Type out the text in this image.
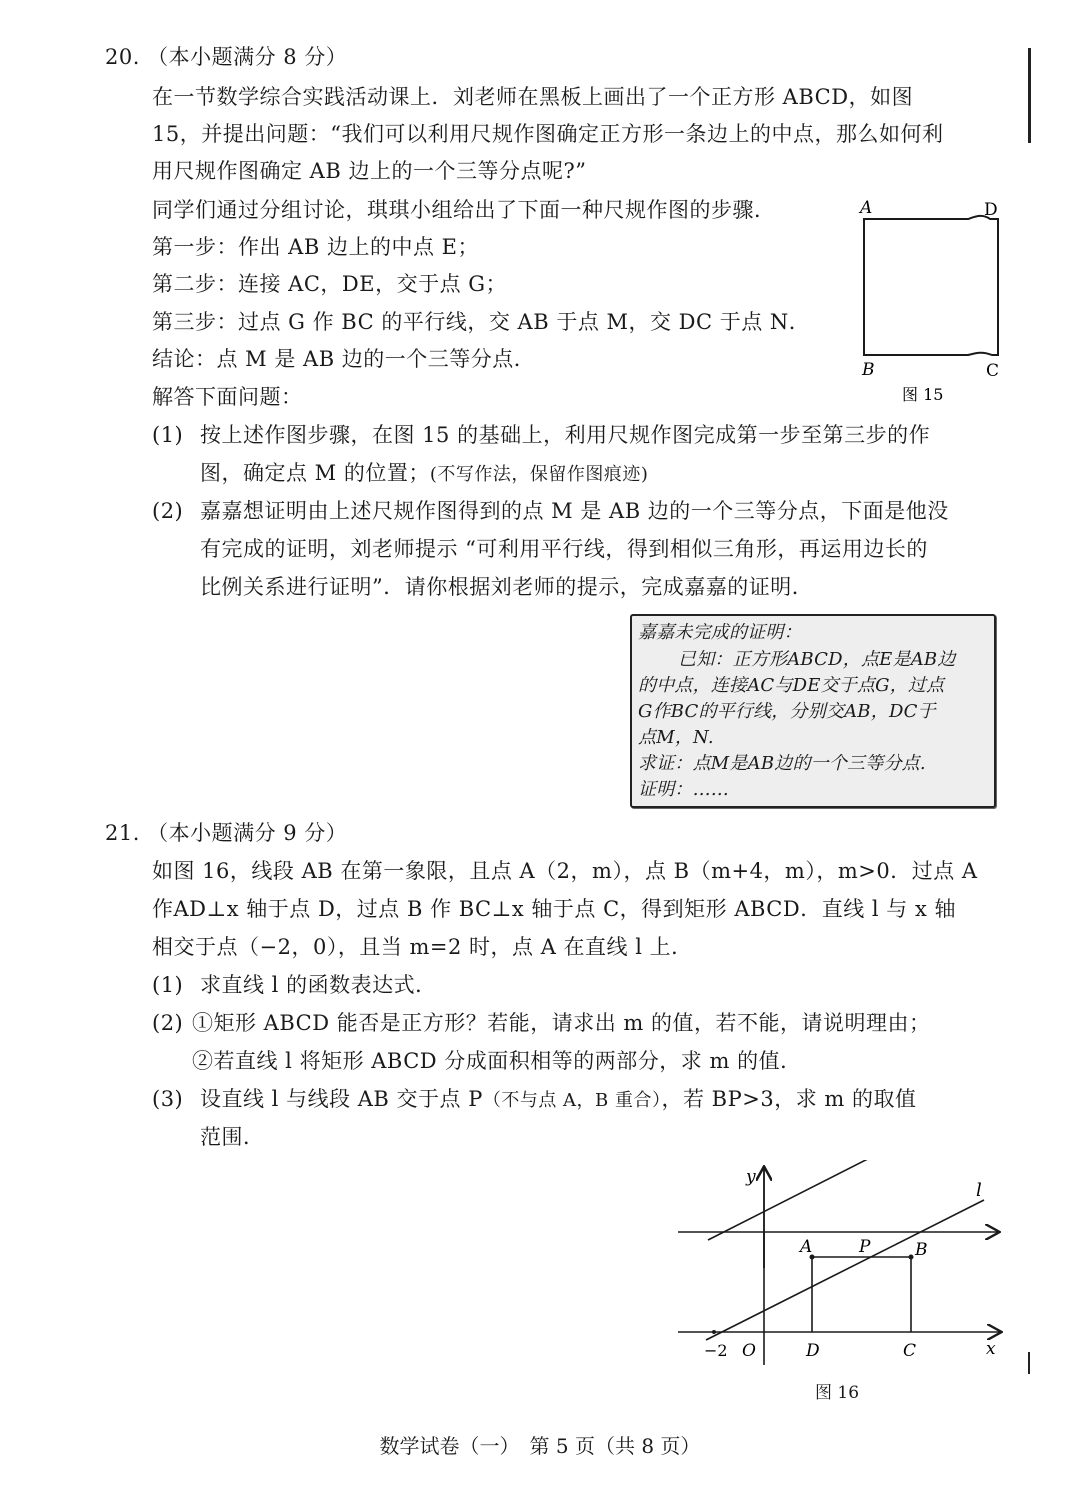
20. （本小题满分 8 分）
在一节数学综合实践活动课上．刘老师在黑板上画出了一个正方形 ABCD，如图
15，并提出问题：“我们可以利用尺规作图确定正方形一条边上的中点，那么如何利
用尺规作图确定 AB 边上的一个三等分点呢?”
同学们通过分组讨论，琪琪小组给出了下面一种尺规作图的步骤．
第一步：作出 AB 边上的中点 E；
第二步：连接 AC，DE，交于点 G；
第三步：过点 G 作 BC 的平行线，交 AB 于点 M，交 DC 于点 N．
结论：点 M 是 AB 边的一个三等分点．
解答下面问题：
A	D
B	C
图 15
(1) 按上述作图步骤，在图 15 的基础上，利用尺规作图完成第一步至第三步的作
图，确定点 M 的位置；(不写作法，保留作图痕迹)
(2) 嘉嘉想证明由上述尺规作图得到的点 M 是 AB 边的一个三等分点，下面是他没
有完成的证明，刘老师提示 “可利用平行线，得到相似三角形，再运用边长的
比例关系进行证明”．请你根据刘老师的提示，完成嘉嘉的证明．
嘉嘉未完成的证明：
已知：正方形ABCD，点E是AB边
的中点，连接AC与DE交于点G，过点
G作BC的平行线，分别交AB，DC于
点M，N.
求证：点M是AB边的一个三等分点.
证明：……
21. （本小题满分 9 分）
如图 16，线段 AB 在第一象限，且点 A（2，m），点 B（m+4，m），m>0．过点 A
作AD⊥x 轴于点 D，过点 B 作 BC⊥x 轴于点 C，得到矩形 ABCD．直线 l 与 x 轴
相交于点（−2，0），且当 m=2 时，点 A 在直线 l 上．
(1) 求直线 l 的函数表达式．
(2) ①矩形 ABCD 能否是正方形？若能，请求出 m 的值，若不能，请说明理由；
②若直线 l 将矩形 ABCD 分成面积相等的两部分，求 m 的值．
(3) 设直线 l 与线段 AB 交于点 P（不与点 A，B 重合），若 BP>3，求 m 的取值
范围．
y
l
A	P	B
−2 O	D	C	x
图 16
数学试卷（一）　第 5 页（共 8 页）
